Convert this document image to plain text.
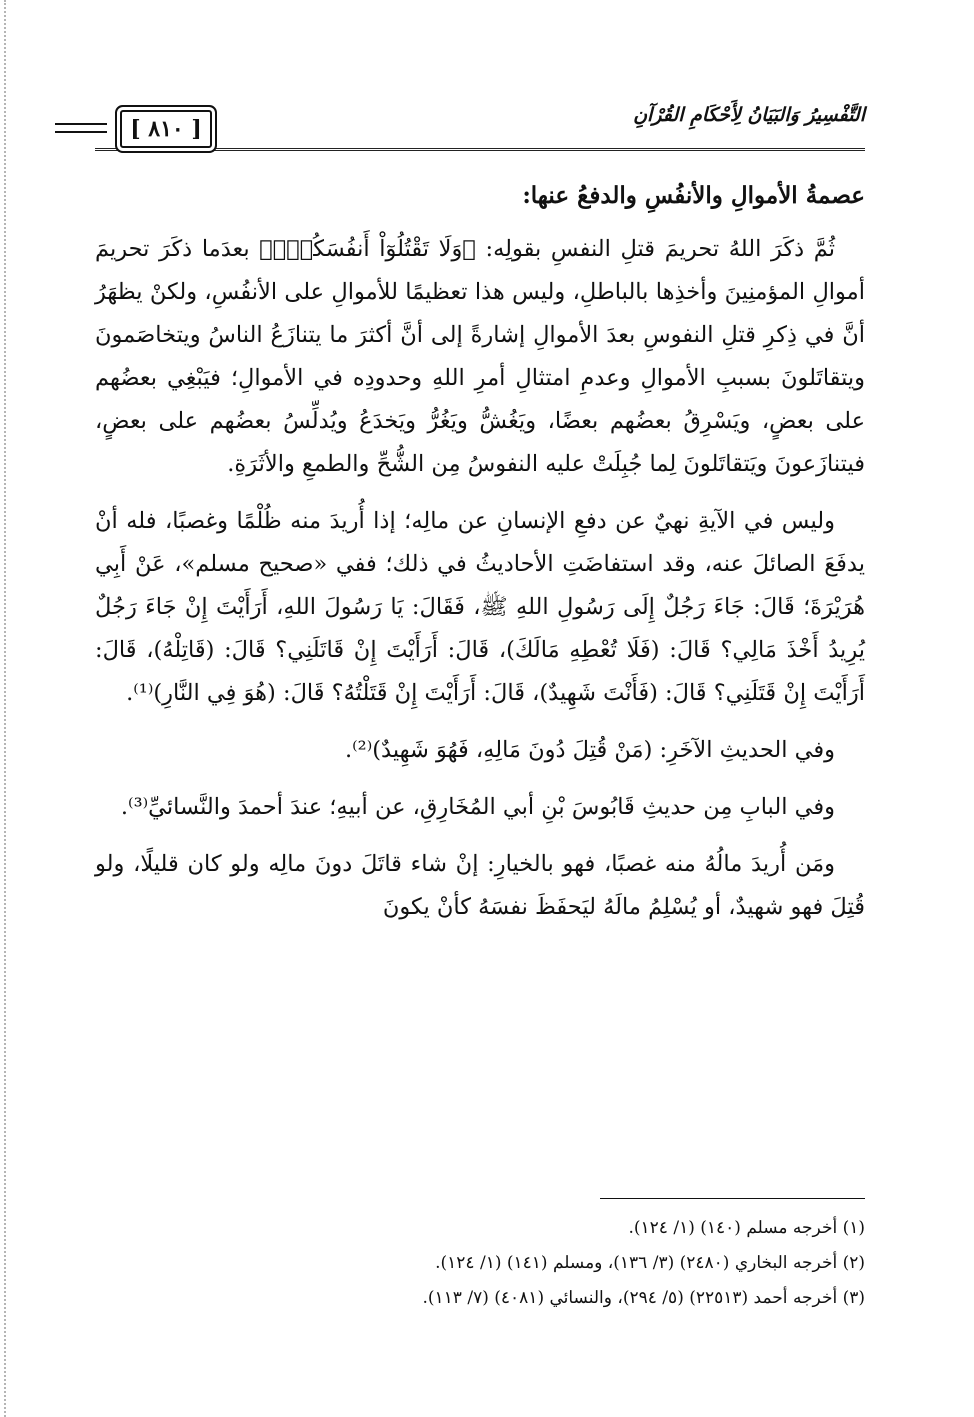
التَّفْسِيرُ وَالبَيَانُ لِأَحْكَامِ القُرْآنِ
[ ٨١٠ ]
عصمةُ الأموالِ والأنفُسِ والدفعُ عنها:

ثُمَّ ذكَرَ اللهُ تحريمَ قتلِ النفسِ بقولِه: ﴿وَلَا تَقْتُلُوٓاْ أَنفُسَكُمْۚ﴾ بعدَما ذكَرَ تحريمَ أموالِ المؤمنِينَ وأخذِها بالباطلِ، وليس هذا تعظيمًا للأموالِ على الأنفُسِ، ولكنْ يظهَرُ أنَّ في ذِكرِ قتلِ النفوسِ بعدَ الأموالِ إشارةً إلى أنَّ أكثرَ ما يتنازَعُ الناسُ ويتخاصَمونَ ويتقاتَلونَ بسببِ الأموالِ وعدمِ امتثالِ أمرِ اللهِ وحدودِه في الأموالِ؛ فيَبْغِي بعضُهم على بعضٍ، ويَسْرِقُ بعضُهم بعضًا، ويَغُشُّ ويَغُرُّ ويَخدَعُ ويُدلِّسُ بعضُهم على بعضٍ، فيتنازَعونَ ويَتقاتَلونَ لِما جُبِلَتْ عليه النفوسُ مِن الشُّحِّ والطمعِ والأثَرَةِ.

وليس في الآيةِ نهيٌ عن دفعِ الإنسانِ عن مالِه؛ إذا أُريدَ منه ظُلْمًا وغصبًا، فله أنْ يدفَعَ الصائلَ عنه، وقد استفاضَتِ الأحاديثُ في ذلك؛ ففي «صحيح مسلم»، عَنْ أَبِي هُرَيْرَةَ؛ قَالَ: جَاءَ رَجُلٌ إِلَى رَسُولِ اللهِ ﷺ، فَقَالَ: يَا رَسُولَ اللهِ، أَرَأَيْتَ إِنْ جَاءَ رَجُلٌ يُرِيدُ أَخْذَ مَالِي؟ قَالَ: (فَلَا تُعْطِهِ مَالَكَ)، قَالَ: أَرَأَيْتَ إِنْ قَاتَلَنِي؟ قَالَ: (قَاتِلْهُ)، قَالَ: أَرَأَيْتَ إِنْ قَتَلَنِي؟ قَالَ: (فَأَنْتَ شَهِيدٌ)، قَالَ: أَرَأَيْتَ إِنْ قَتَلْتُهُ؟ قَالَ: (هُوَ فِي النَّارِ)⁽¹⁾.

وفي الحديثِ الآخَرِ: (مَنْ قُتِلَ دُونَ مَالِهِ، فَهُوَ شَهِيدٌ)⁽²⁾.

وفي البابِ مِن حديثِ قَابُوسَ بْنِ أبي المُخَارِقِ، عن أبيهِ؛ عندَ أحمدَ والنَّسائيِّ⁽³⁾.

ومَن أُريدَ مالُهُ منه غصبًا، فهو بالخيارِ: إنْ شاء قاتَلَ دونَ مالِه ولو كان قليلًا، ولو قُتِلَ فهو شهيدٌ، أو يُسْلِمُ مالَهُ ليَحفَظَ نفسَهُ كأنْ يكونَ

(١) أخرجه مسلم (١٤٠) (١/ ١٢٤).

(٢) أخرجه البخاري (٢٤٨٠) (٣/ ١٣٦)، ومسلم (١٤١) (١/ ١٢٤).

(٣) أخرجه أحمد (٢٢٥١٣) (٥/ ٢٩٤)، والنسائي (٤٠٨١) (٧/ ١١٣).
